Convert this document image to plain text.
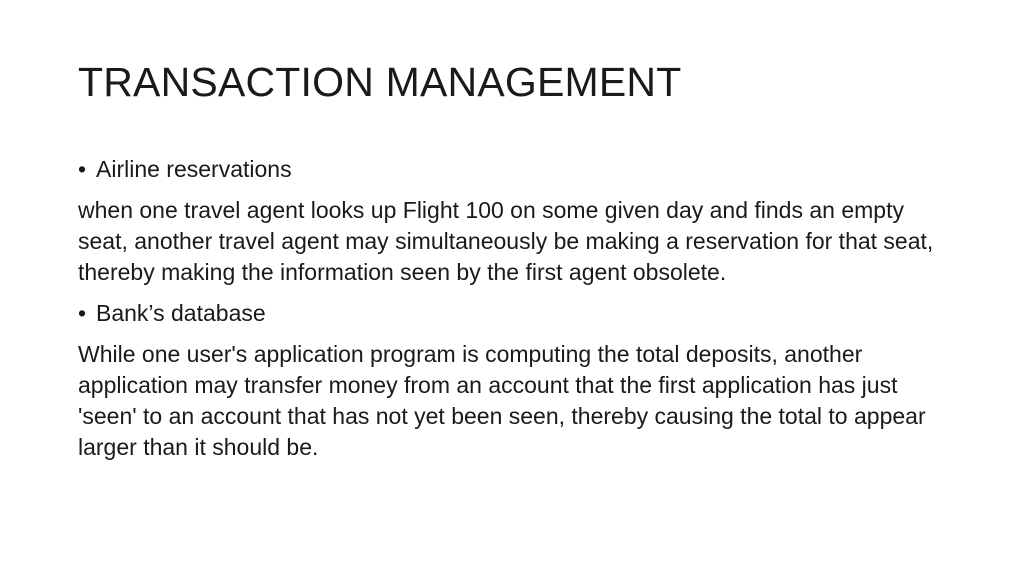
TRANSACTION MANAGEMENT
• Airline reservations

when one travel agent looks up Flight 100 on some given day and finds an empty seat, another travel agent may simultaneously be making a reservation for that seat, thereby making the information seen by the first agent obsolete.

• Bank’s database

While one user's application program is computing the total deposits, another application may transfer money from an account that the first application has just 'seen' to an account that has not yet been seen, thereby causing the total to appear larger than it should be.
